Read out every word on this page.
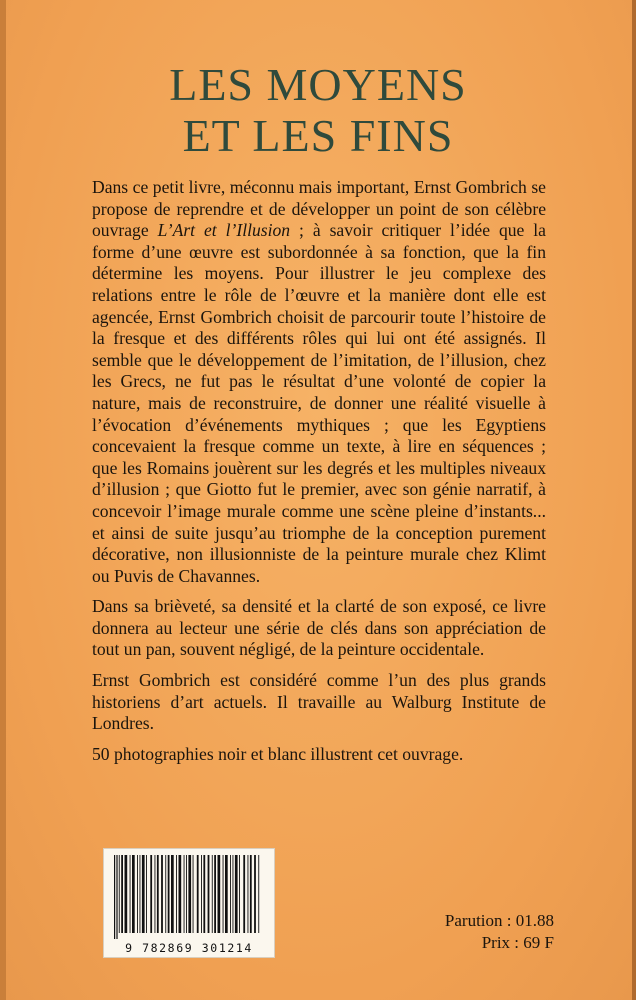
LES MOYENS
ET LES FINS

Dans ce petit livre, méconnu mais important, Ernst Gombrich se propose de reprendre et de développer un point de son célèbre ouvrage L’Art et l’Illusion ; à savoir critiquer l’idée que la forme d’une œuvre est subordonnée à sa fonction, que la fin détermine les moyens. Pour illustrer le jeu complexe des relations entre le rôle de l’œuvre et la manière dont elle est agencée, Ernst Gombrich choisit de parcourir toute l’histoire de la fresque et des différents rôles qui lui ont été assignés. Il semble que le développement de l’imitation, de l’illusion, chez les Grecs, ne fut pas le résultat d’une volonté de copier la nature, mais de reconstruire, de donner une réalité visuelle à l’évocation d’événements mythiques ; que les Egyptiens concevaient la fresque comme un texte, à lire en séquences ; que les Romains jouèrent sur les degrés et les multiples niveaux d’illusion ; que Giotto fut le premier, avec son génie narratif, à concevoir l’image murale comme une scène pleine d’instants... et ainsi de suite jusqu’au triomphe de la conception purement décorative, non illusionniste de la peinture murale chez Klimt ou Puvis de Chavannes.

Dans sa brièveté, sa densité et la clarté de son exposé, ce livre donnera au lecteur une série de clés dans son appréciation de tout un pan, souvent négligé, de la peinture occidentale.

Ernst Gombrich est considéré comme l’un des plus grands historiens d’art actuels. Il travaille au Walburg Institute de Londres.

50 photographies noir et blanc illustrent cet ouvrage.

9 782869 301214
Parution : 01.88
Prix : 69 F
